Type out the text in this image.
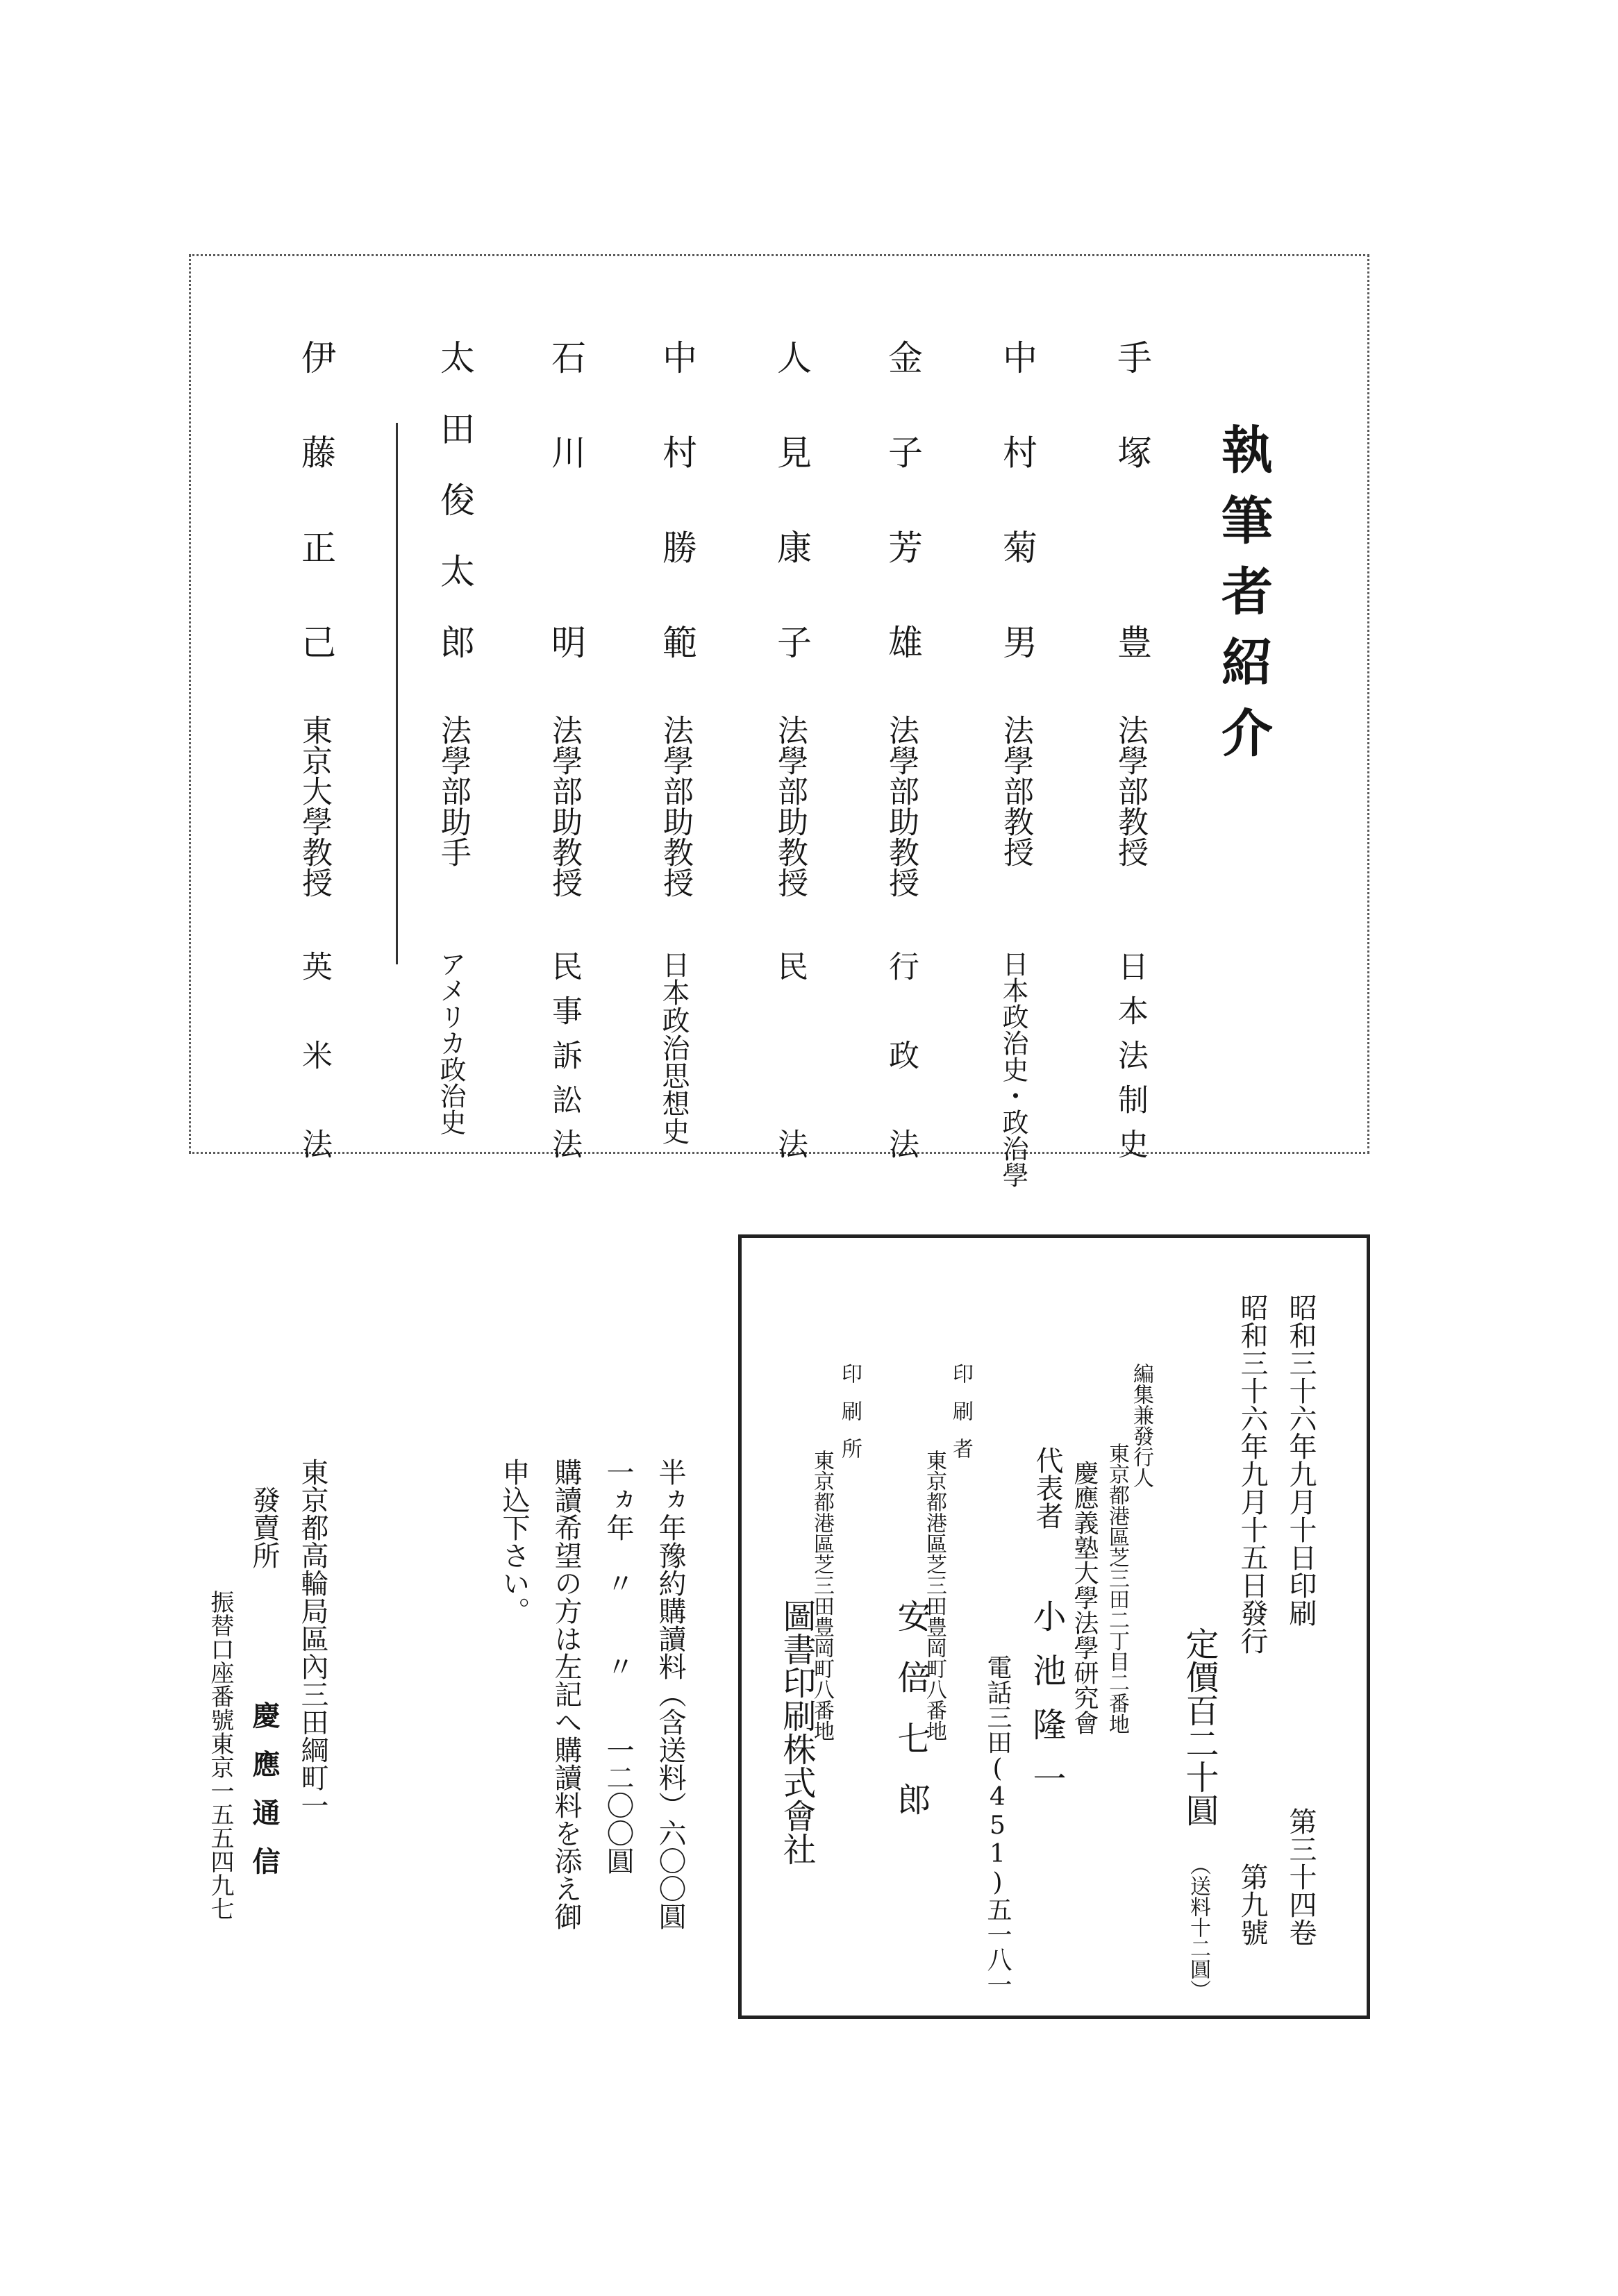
執筆者紹介
手塚　豊
法學部教授
日本法制史
中村菊男
法學部教授
日本政治史・政治學
金子芳雄
法學部助教授
行政法
人見康子
法學部助教授
民法
中村勝範
法學部助教授
日本政治思想史
石川　明
法學部助教授
民事訴訟法
太田俊太郎
法學部助手
アメリカ政治史
伊藤正己
東京大學教授
英米法
昭和三十六年九月十日印刷
第三十四卷
昭和三十六年九月十五日發行
第九號
定價百二十圓
（送料十二圓）
編集兼發行人
東京都港區芝三田二丁目二番地
慶應義塾大學法學研究會
代表者
小池隆一
電話三田(451)五一八一
印刷者
東京都港區芝三田豊岡町八番地
安倍七郎
印刷所
東京都港區芝三田豊岡町八番地
圖書印刷株式會社
半ヵ年豫約購讀料（含送料）六〇〇圓
一ヵ年　〃　　〃　　一二〇〇圓
購讀希望の方は左記へ購讀料を添え御
申込下さい。
東京都高輪局區內三田綱町一
發賣所
慶應通信
振替口座番號東京一五五四九七
